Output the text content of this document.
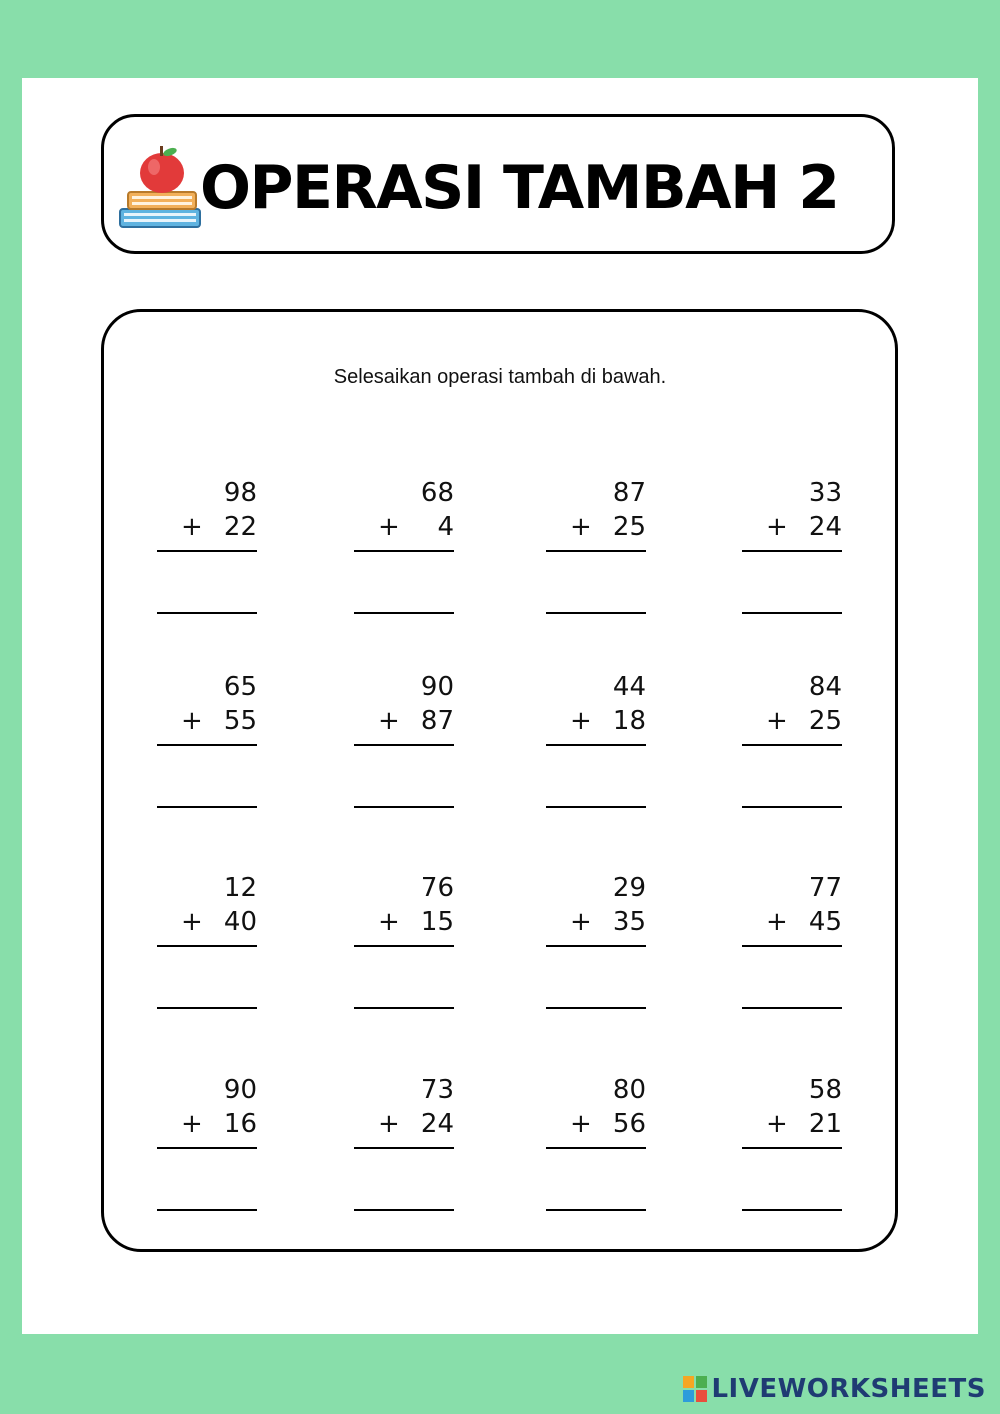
OPERASI TAMBAH 2
Selesaikan operasi tambah di bawah.
98
+ 22
68
+ 4
87
+ 25
33
+ 24
65
+ 55
90
+ 87
44
+ 18
84
+ 25
12
+ 40
76
+ 15
29
+ 35
77
+ 45
90
+ 16
73
+ 24
80
+ 56
58
+ 21
LIVEWORKSHEETS
